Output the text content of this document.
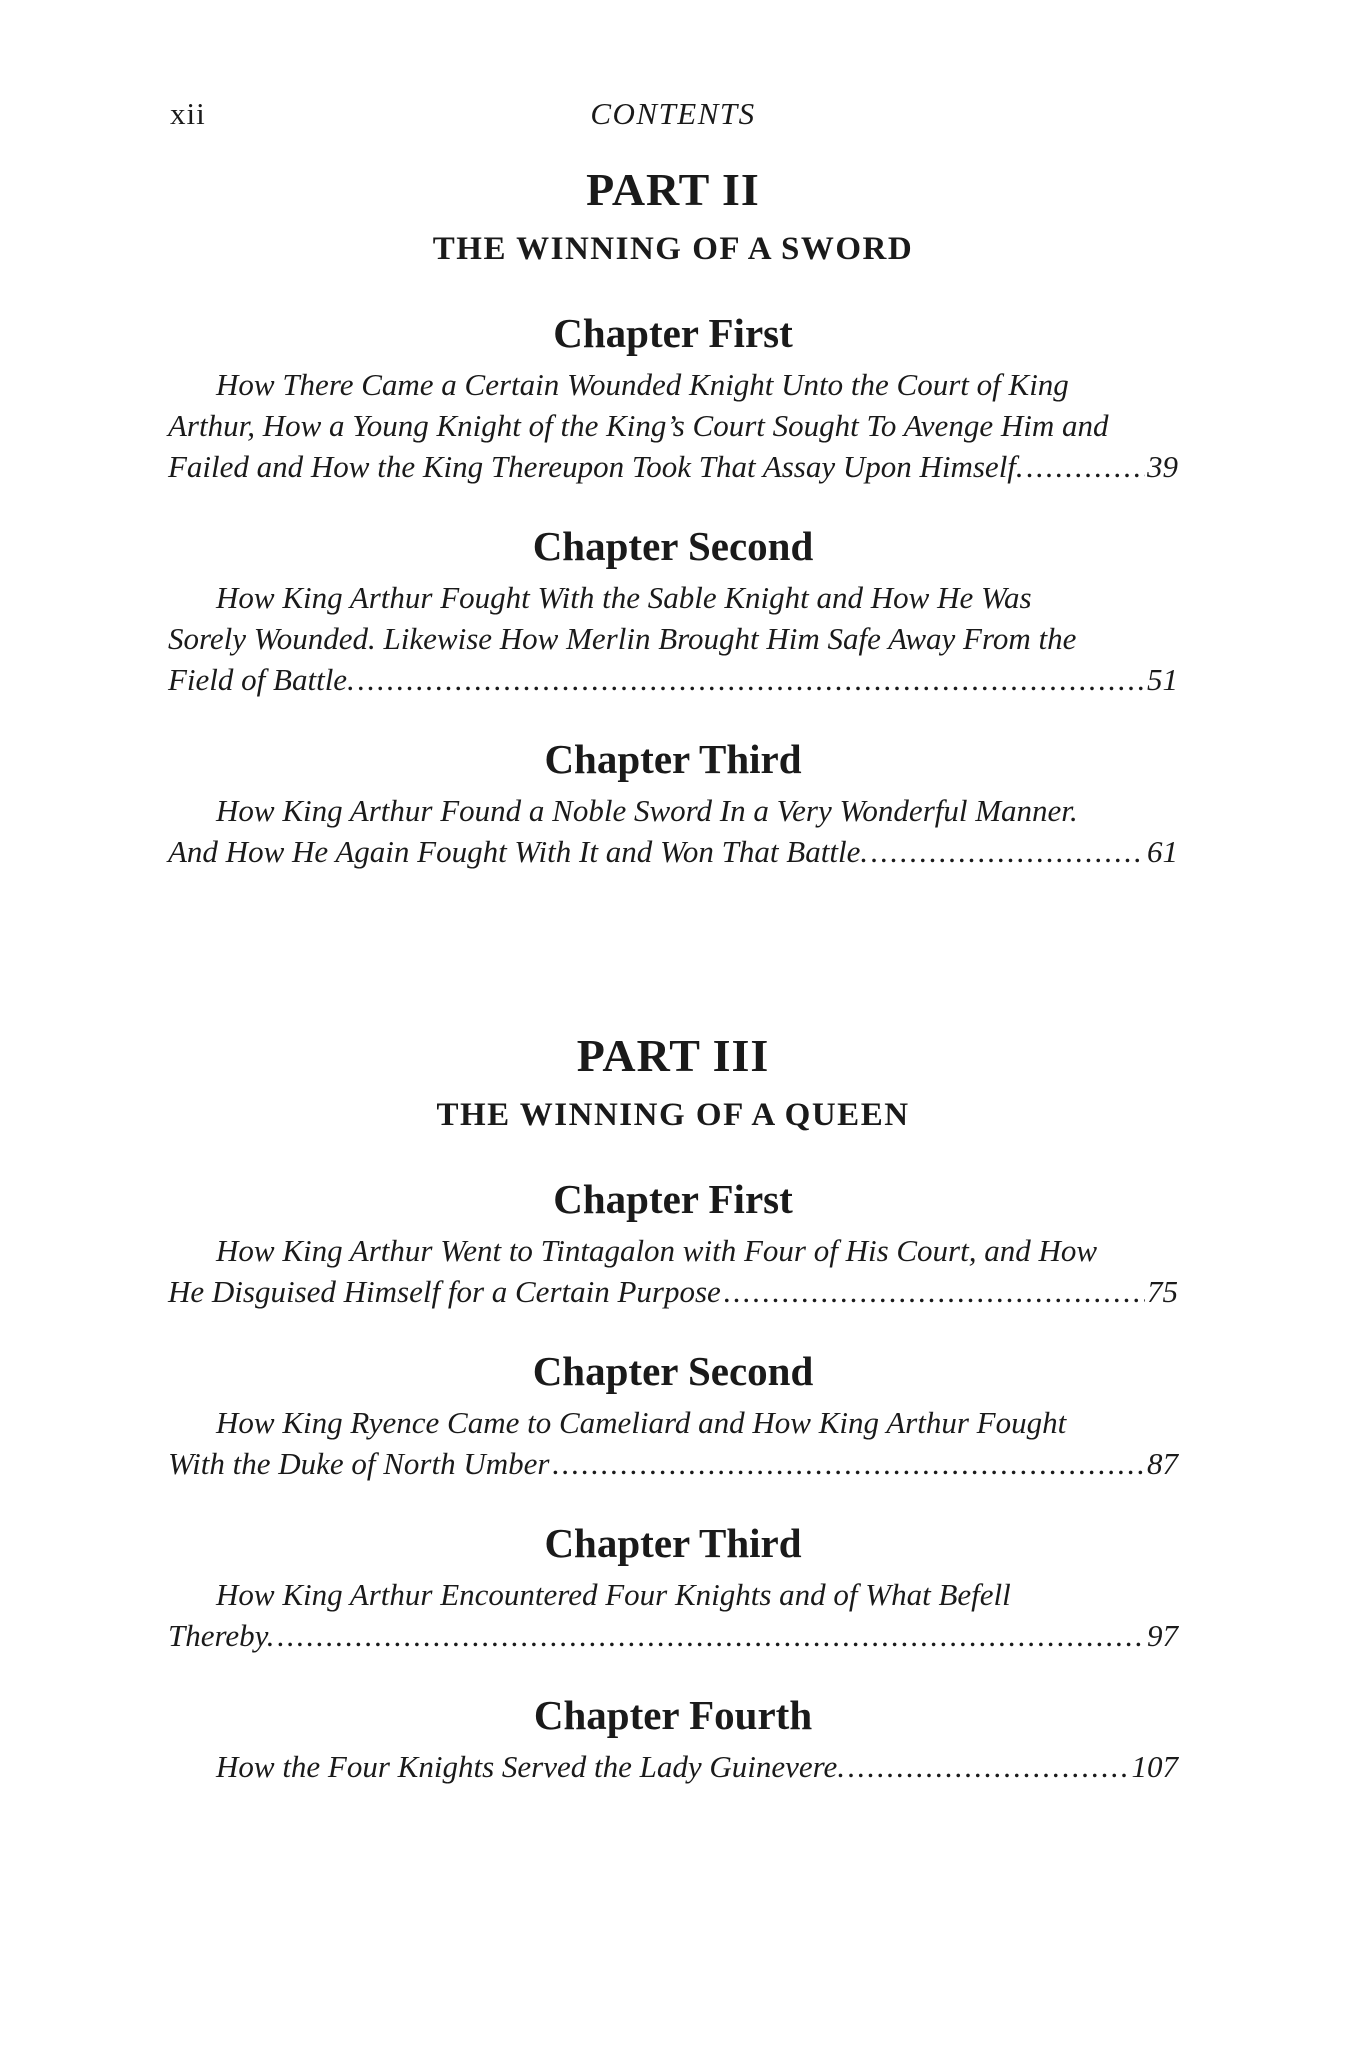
xii	CONTENTS
PART II
THE WINNING OF A SWORD
Chapter First
How There Came a Certain Wounded Knight Unto the Court of King
Arthur, How a Young Knight of the King’s Court Sought To Avenge Him and
Failed and How the King Thereupon Took That Assay Upon Himself. .....	39
Chapter Second
How King Arthur Fought With the Sable Knight and How He Was
Sorely Wounded. Likewise How Merlin Brought Him Safe Away From the
Field of Battle. .....	51
Chapter Third
How King Arthur Found a Noble Sword In a Very Wonderful Manner.
And How He Again Fought With It and Won That Battle. .....	61
PART III
THE WINNING OF A QUEEN
Chapter First
How King Arthur Went to Tintagalon with Four of His Court, and How
He Disguised Himself for a Certain Purpose .....	75
Chapter Second
How King Ryence Came to Cameliard and How King Arthur Fought
With the Duke of North Umber .....	87
Chapter Third
How King Arthur Encountered Four Knights and of What Befell
Thereby. .....	97
Chapter Fourth
How the Four Knights Served the Lady Guinevere. .....	107
